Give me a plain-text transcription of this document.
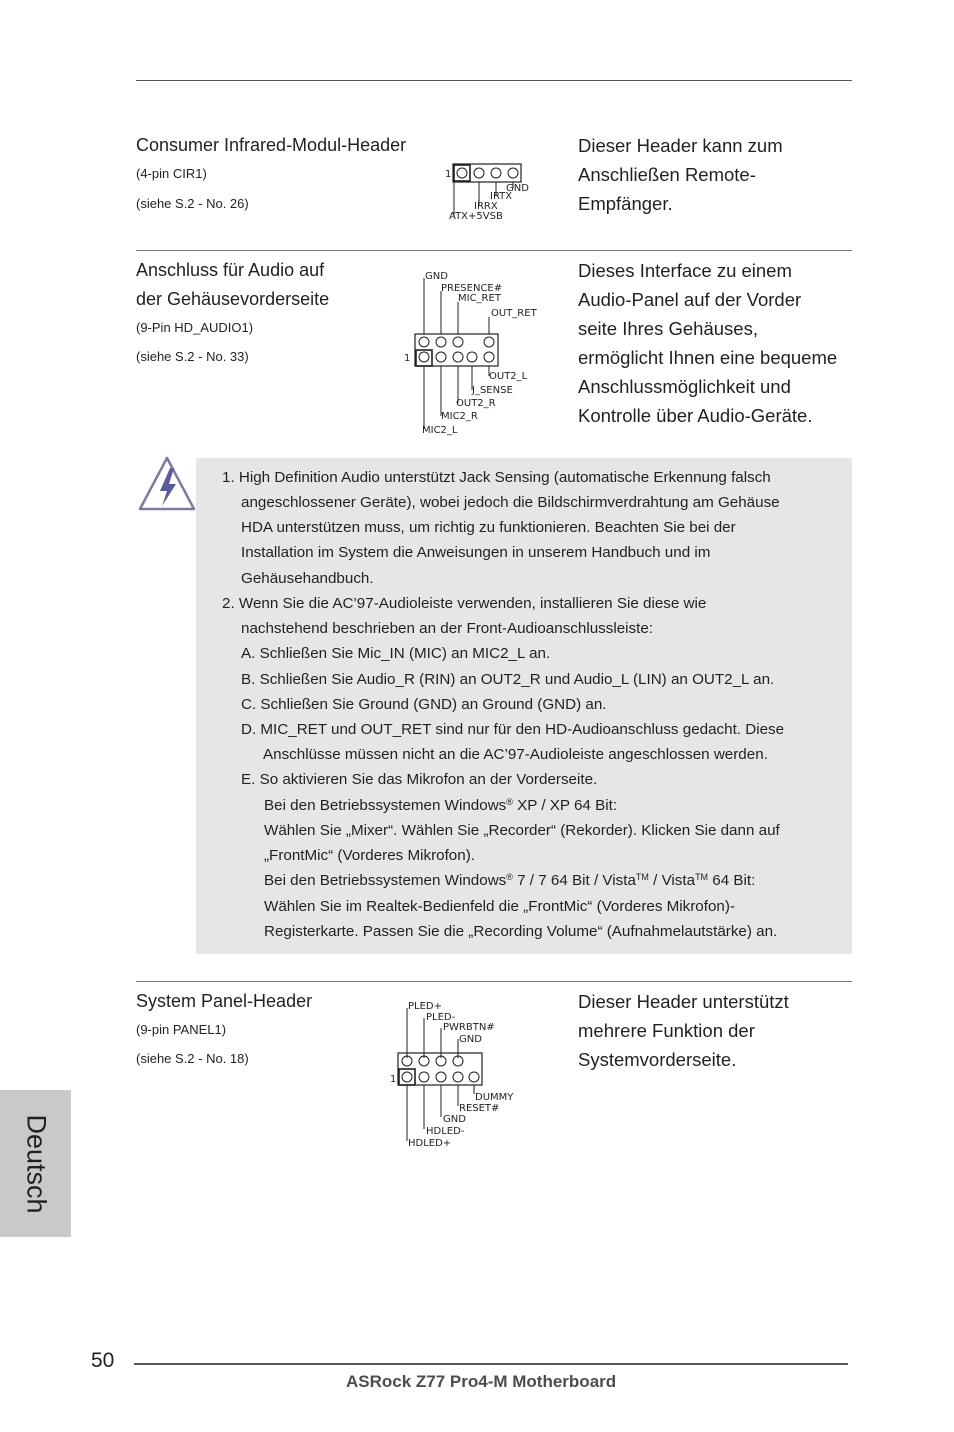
Consumer Infrared-Modul-Header
(4-pin CIR1)
(siehe S.2 - No. 26)
1
GND
IRTX
IRRX
ATX+5VSB
Dieser Header kann zum
Anschließen Remote-
Empfänger.
Anschluss für Audio auf
der Gehäusevorderseite
(9-Pin HD_AUDIO1)
(siehe S.2 - No. 33)
GND
PRESENCE#
MIC_RET
OUT_RET
1
OUT2_L
J_SENSE
OUT2_R
MIC2_R
MIC2_L
Dieses Interface zu einem
Audio-Panel auf der Vorder
seite Ihres Gehäuses,
ermöglicht Ihnen eine bequeme
Anschlussmöglichkeit und
Kontrolle über Audio-Geräte.
1. High Definition Audio unterstützt Jack Sensing (automatische Erkennung falsch
angeschlossener Geräte), wobei jedoch die Bildschirmverdrahtung am Gehäuse
HDA unterstützen muss, um richtig zu funktionieren. Beachten Sie bei der
Installation im System die Anweisungen in unserem Handbuch und im
Gehäusehandbuch.
2. Wenn Sie die AC’97-Audioleiste verwenden, installieren Sie diese wie
nachstehend beschrieben an der Front-Audioanschlussleiste:
A. Schließen Sie Mic_IN (MIC) an MIC2_L an.
B. Schließen Sie Audio_R (RIN) an OUT2_R und Audio_L (LIN) an OUT2_L an.
C. Schließen Sie Ground (GND) an Ground (GND) an.
D. MIC_RET und OUT_RET sind nur für den HD-Audioanschluss gedacht. Diese
Anschlüsse müssen nicht an die AC’97-Audioleiste angeschlossen werden.
E. So aktivieren Sie das Mikrofon an der Vorderseite.
Bei den Betriebssystemen Windows® XP / XP 64 Bit:
Wählen Sie „Mixer“. Wählen Sie „Recorder“ (Rekorder). Klicken Sie dann auf
„FrontMic“ (Vorderes Mikrofon).
Bei den Betriebssystemen Windows® 7 / 7 64 Bit / Vista™ / Vista™ 64 Bit:
Wählen Sie im Realtek-Bedienfeld die „FrontMic“ (Vorderes Mikrofon)-
Registerkarte. Passen Sie die „Recording Volume“ (Aufnahmelautstärke) an.
System Panel-Header
(9-pin PANEL1)
(siehe S.2 - No. 18)
PLED+
PLED-
PWRBTN#
GND
1
DUMMY
RESET#
GND
HDLED-
HDLED+
Dieser Header unterstützt
mehrere Funktion der
Systemvorderseite.
Deutsch
50
ASRock Z77 Pro4-M Motherboard
